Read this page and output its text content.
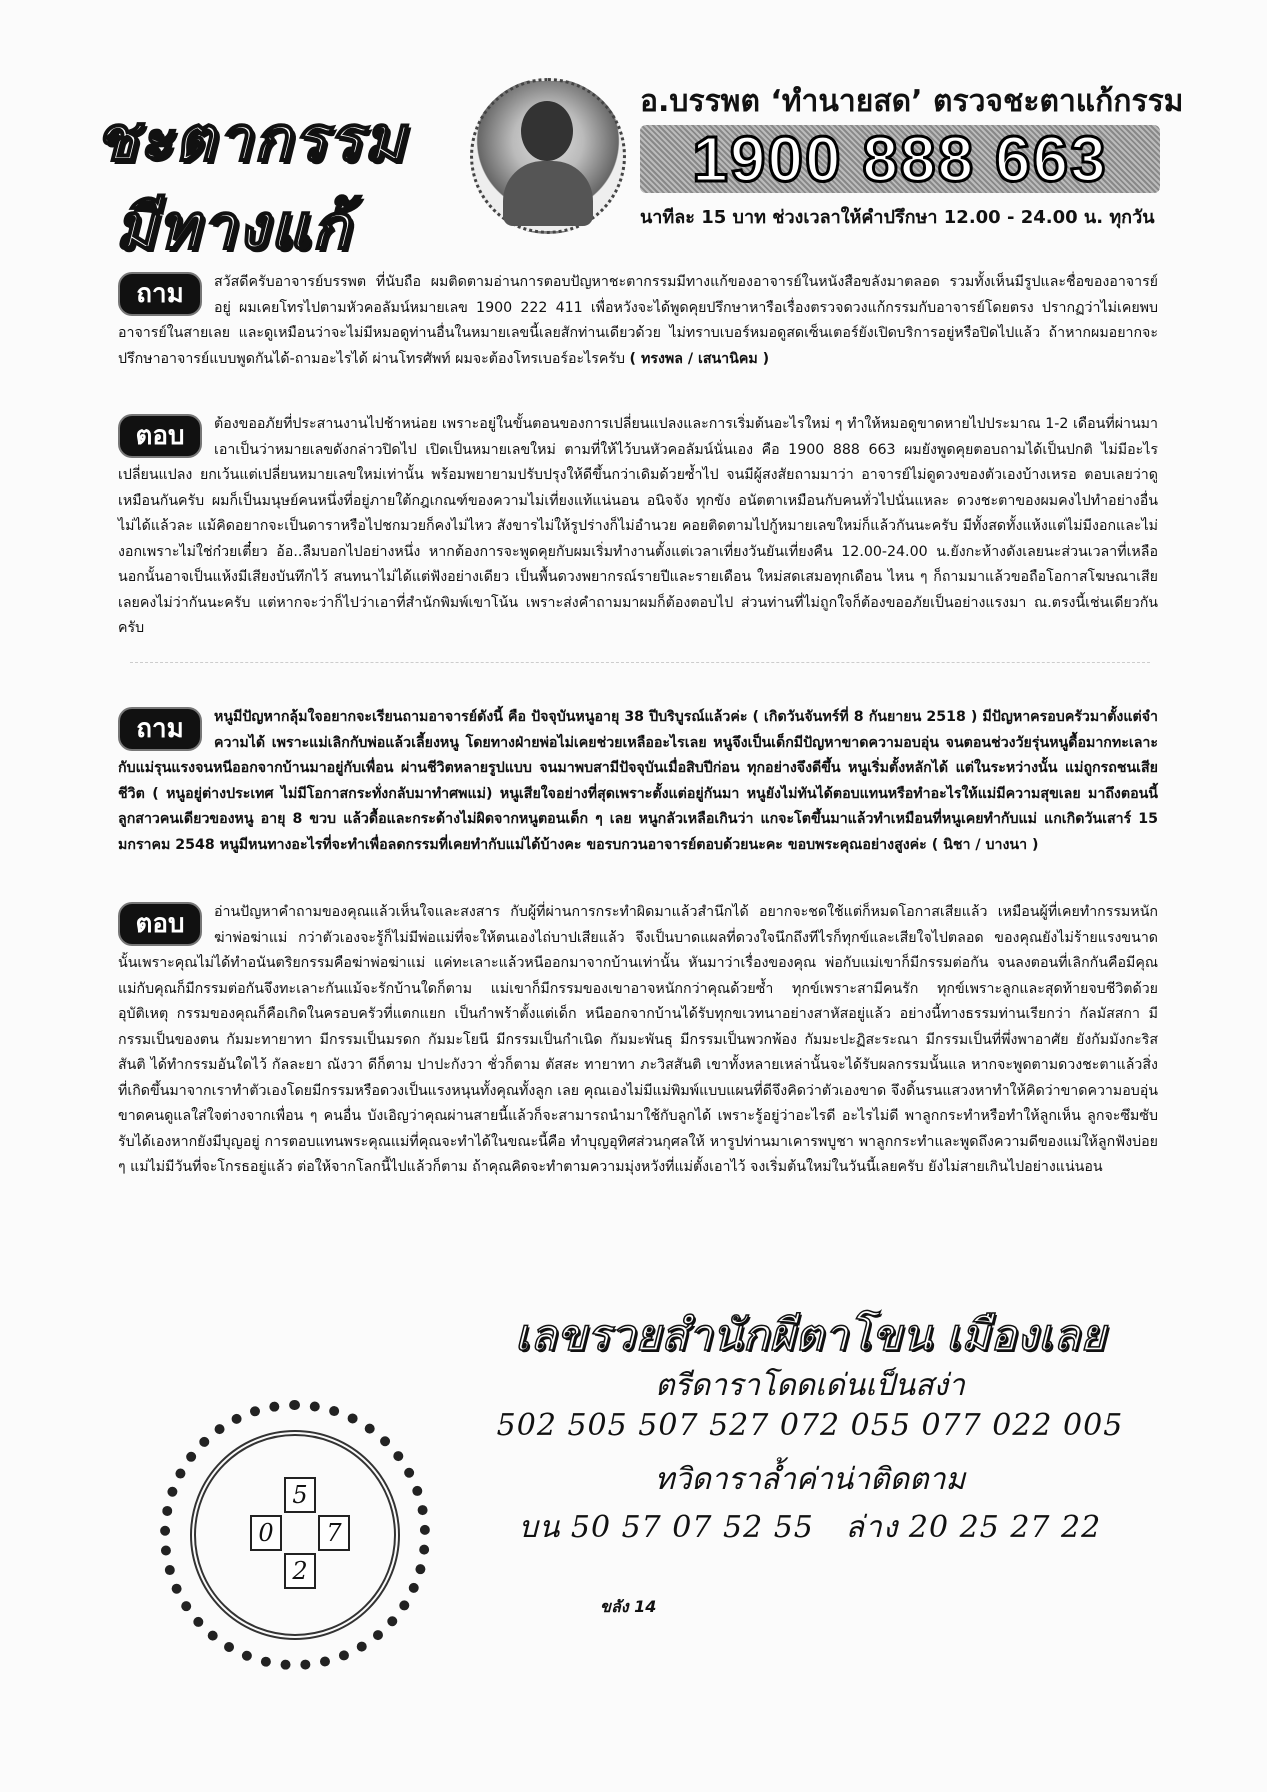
ชะตากรรม
มีทางแก้
อ.บรรพต ‘ทำนายสด’ ตรวจชะตาแก้กรรม
1900 888 663
นาทีละ 15 บาท ช่วงเวลาให้คำปรึกษา 12.00 - 24.00 น. ทุกวัน
ถาม	สวัสดีครับอาจารย์บรรพต ที่นับถือ ผมติดตามอ่านการตอบปัญหาชะตากรรมมีทางแก้ของอาจารย์ในหนังสือขลังมาตลอด รวมทั้งเห็นมีรูปและชื่อของอาจารย์อยู่ ผมเคยโทรไปตามหัวคอลัมน์หมายเลข 1900 222 411 เพื่อหวังจะได้พูดคุยปรึกษาหารือเรื่องตรวจดวงแก้กรรมกับอาจารย์โดยตรง ปรากฏว่าไม่เคยพบอาจารย์ในสายเลย และดูเหมือนว่าจะไม่มีหมอดูท่านอื่นในหมายเลขนี้เลยสักท่านเดียวด้วย ไม่ทราบเบอร์หมอดูสดเซ็นเตอร์ยังเปิดบริการอยู่หรือปิดไปแล้ว ถ้าหากผมอยากจะปรึกษาอาจารย์แบบพูดกันได้-ถามอะไรได้ ผ่านโทรศัพท์ ผมจะต้องโทรเบอร์อะไรครับ ( ทรงพล / เสนานิคม )
ตอบ	ต้องขออภัยที่ประสานงานไปช้าหน่อย เพราะอยู่ในขั้นตอนของการเปลี่ยนแปลงและการเริ่มต้นอะไรใหม่ ๆ ทำให้หมอดูขาดหายไปประมาณ 1-2 เดือนที่ผ่านมา เอาเป็นว่าหมายเลขดังกล่าวปิดไป เปิดเป็นหมายเลขใหม่ ตามที่ให้ไว้บนหัวคอลัมน์นั่นเอง คือ 1900 888 663 ผมยังพูดคุยตอบถามได้เป็นปกติ ไม่มีอะไรเปลี่ยนแปลง ยกเว้นแต่เปลี่ยนหมายเลขใหม่เท่านั้น พร้อมพยายามปรับปรุงให้ดีขึ้นกว่าเดิมด้วยซ้ำไป จนมีผู้สงสัยถามมาว่า อาจารย์ไม่ดูดวงของตัวเองบ้างเหรอ ตอบเลยว่าดูเหมือนกันครับ ผมก็เป็นมนุษย์คนหนึ่งที่อยู่ภายใต้กฎเกณฑ์ของความไม่เที่ยงแท้แน่นอน อนิจจัง ทุกขัง อนัตตาเหมือนกับคนทั่วไปนั่นแหละ ดวงชะตาของผมคงไปทำอย่างอื่นไม่ได้แล้วละ แม้คิดอยากจะเป็นดาราหรือไปชกมวยก็คงไม่ไหว สังขารไม่ให้รูปร่างก็ไม่อำนวย คอยติดตามไปกู้หมายเลขใหม่ก็แล้วกันนะครับ มีทั้งสดทั้งแห้งแต่ไม่มีงอกและไม่งอกเพราะไม่ใช่ก๋วยเตี๋ยว อ้อ..ลืมบอกไปอย่างหนึ่ง หากต้องการจะพูดคุยกับผมเริ่มทำงานตั้งแต่เวลาเที่ยงวันยันเที่ยงคืน 12.00-24.00 น.ยังกะห้างดังเลยนะส่วนเวลาที่เหลือนอกนั้นอาจเป็นแห้งมีเสียงบันทึกไว้ สนทนาไม่ได้แต่ฟังอย่างเดียว เป็นพื้นดวงพยากรณ์รายปีและรายเดือน ใหม่สดเสมอทุกเดือน ไหน ๆ ก็ถามมาแล้วขอถือโอกาสโฆษณาเสียเลยคงไม่ว่ากันนะครับ แต่หากจะว่าก็ไปว่าเอาที่สำนักพิมพ์เขาโน้น เพราะส่งคำถามมาผมก็ต้องตอบไป ส่วนท่านที่ไม่ถูกใจก็ต้องขออภัยเป็นอย่างแรงมา ณ.ตรงนี้เช่นเดียวกันครับ
ถาม	หนูมีปัญหากลุ้มใจอยากจะเรียนถามอาจารย์ดังนี้ คือ ปัจจุบันหนูอายุ 38 ปีบริบูรณ์แล้วค่ะ ( เกิดวันจันทร์ที่ 8 กันยายน 2518 ) มีปัญหาครอบครัวมาตั้งแต่จำความได้ เพราะแม่เลิกกับพ่อแล้วเลี้ยงหนู โดยทางฝ่ายพ่อไม่เคยช่วยเหลืออะไรเลย หนูจึงเป็นเด็กมีปัญหาขาดความอบอุ่น จนตอนช่วงวัยรุ่นหนูดื้อมากทะเลาะกับแม่รุนแรงจนหนีออกจากบ้านมาอยู่กับเพื่อน ผ่านชีวิตหลายรูปแบบ จนมาพบสามีปัจจุบันเมื่อสิบปีก่อน ทุกอย่างจึงดีขึ้น หนูเริ่มตั้งหลักได้ แต่ในระหว่างนั้น แม่ถูกรถชนเสียชีวิต ( หนูอยู่ต่างประเทศ ไม่มีโอกาสกระทั่งกลับมาทำศพแม่) หนูเสียใจอย่างที่สุดเพราะตั้งแต่อยู่กันมา หนูยังไม่ทันได้ตอบแทนหรือทำอะไรให้แม่มีความสุขเลย มาถึงตอนนี้ลูกสาวคนเดียวของหนู อายุ 8 ขวบ แล้วดื้อและกระด้างไม่ผิดจากหนูตอนเด็ก ๆ เลย หนูกลัวเหลือเกินว่า แกจะโตขึ้นมาแล้วทำเหมือนที่หนูเคยทำกับแม่ แกเกิดวันเสาร์ 15 มกราคม 2548 หนูมีหนทางอะไรที่จะทำเพื่อลดกรรมที่เคยทำกับแม่ได้บ้างคะ ขอรบกวนอาจารย์ตอบด้วยนะคะ ขอบพระคุณอย่างสูงค่ะ ( นิชา / บางนา )
ตอบ	อ่านปัญหาคำถามของคุณแล้วเห็นใจและสงสาร กับผู้ที่ผ่านการกระทำผิดมาแล้วสำนึกได้ อยากจะชดใช้แต่ก็หมดโอกาสเสียแล้ว เหมือนผู้ที่เคยทำกรรมหนักฆ่าพ่อฆ่าแม่ กว่าตัวเองจะรู้ก็ไม่มีพ่อแม่ที่จะให้ตนเองไถ่บาปเสียแล้ว จึงเป็นบาดแผลที่ดวงใจนึกถึงทีไรก็ทุกข์และเสียใจไปตลอด ของคุณยังไม่ร้ายแรงขนาดนั้นเพราะคุณไม่ได้ทำอนันตริยกรรมคือฆ่าพ่อฆ่าแม่ แค่ทะเลาะแล้วหนีออกมาจากบ้านเท่านั้น หันมาว่าเรื่องของคุณ พ่อกับแม่เขาก็มีกรรมต่อกัน จนลงตอนที่เลิกกันคือมีคุณ แม่กับคุณก็มีกรรมต่อกันจึงทะเลาะกันแม้จะรักบ้านใดก็ตาม แม่เขาก็มีกรรมของเขาอาจหนักกว่าคุณด้วยซ้ำ ทุกข์เพราะสามีคนรัก ทุกข์เพราะลูกและสุดท้ายจบชีวิตด้วยอุบัติเหตุ กรรมของคุณก็คือเกิดในครอบครัวที่แตกแยก เป็นกำพร้าตั้งแต่เด็ก หนีออกจากบ้านได้รับทุกขเวทนาอย่างสาหัสอยู่แล้ว อย่างนี้ทางธรรมท่านเรียกว่า กัลมัสสกา มีกรรมเป็นของตน กัมมะทายาทา มีกรรมเป็นมรดก กัมมะโยนี มีกรรมเป็นกำเนิด กัมมะพันธุ มีกรรมเป็นพวกพ้อง กัมมะปะฏิสะระณา มีกรรมเป็นที่พึ่งพาอาศัย ยังกัมมังกะริส สันติ ได้ทำกรรมอันใดไว้ กัลละยา ณังวา ดีก็ตาม ปาปะกังวา ชั่วก็ตาม ตัสสะ ทายาทา ภะวิสสันติ เขาทั้งหลายเหล่านั้นจะได้รับผลกรรมนั้นแล หากจะพูดตามดวงชะตาแล้วสิ่งที่เกิดขึ้นมาจากเราทำตัวเองโดยมีกรรมหรือดวงเป็นแรงหนุนทั้งคุณทั้งลูก เลย คุณเองไม่มีแม่พิมพ์แบบแผนที่ดีจึงคิดว่าตัวเองขาด จึงดิ้นรนแสวงหาทำให้คิดว่าขาดความอบอุ่น ขาดคนดูแลใส่ใจต่างจากเพื่อน ๆ คนอื่น บังเอิญว่าคุณผ่านสายนี้แล้วก็จะสามารถนำมาใช้กับลูกได้ เพราะรู้อยู่ว่าอะไรดี อะไรไม่ดี พาลูกกระทำหรือทำให้ลูกเห็น ลูกจะซึมซับรับได้เองหากยังมีบุญอยู่ การตอบแทนพระคุณแม่ที่คุณจะทำได้ในขณะนี้คือ ทำบุญอุทิศส่วนกุศลให้ หารูปท่านมาเคารพบูชา พาลูกกระทำและพูดถึงความดีของแม่ให้ลูกฟังบ่อย ๆ แม่ไม่มีวันที่จะโกรธอยู่แล้ว ต่อให้จากโลกนี้ไปแล้วก็ตาม ถ้าคุณคิดจะทำตามความมุ่งหวังที่แม่ตั้งเอาไว้ จงเริ่มต้นใหม่ในวันนี้เลยครับ ยังไม่สายเกินไปอย่างแน่นอน
5
0	7
2
เลขรวยสำนักผีตาโขน เมืองเลย
ตรีดาราโดดเด่นเป็นสง่า
502 505 507 527 072 055 077 022 005
ทวิดาราล้ำค่าน่าติดตาม
บน 50 57 07 52 55   ล่าง 20 25 27 22
ขลัง 14
